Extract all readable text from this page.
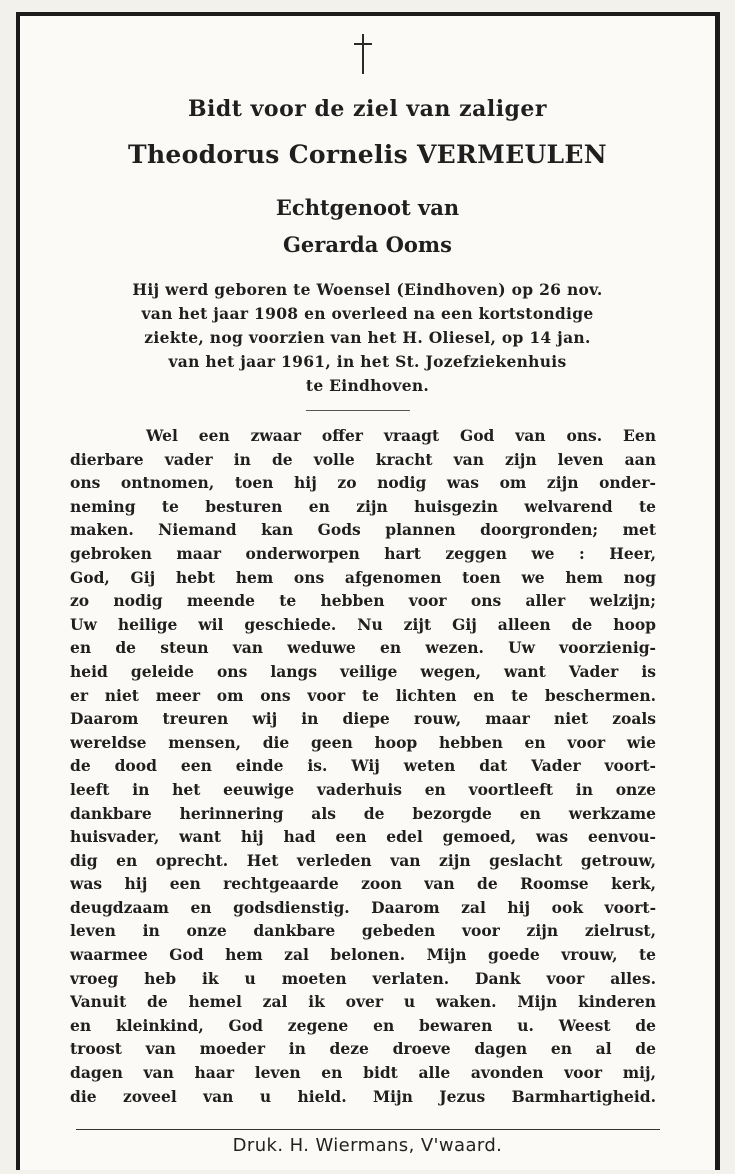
Bidt voor de ziel van zaliger
Theodorus Cornelis VERMEULEN
Echtgenoot van
Gerarda Ooms
Hij werd geboren te Woensel (Eindhoven) op 26 nov.
van het jaar 1908 en overleed na een kortstondige
ziekte, nog voorzien van het H. Oliesel, op 14 jan.
van het jaar 1961, in het St. Jozefziekenhuis
te Eindhoven.
Wel een zwaar offer vraagt God van ons. Een
dierbare vader in de volle kracht van zijn leven aan
ons ontnomen, toen hij zo nodig was om zijn onder-
neming te besturen en zijn huisgezin welvarend te
maken. Niemand kan Gods plannen doorgronden; met
gebroken maar onderworpen hart zeggen we : Heer,
God, Gij hebt hem ons afgenomen toen we hem nog
zo nodig meende te hebben voor ons aller welzijn;
Uw heilige wil geschiede. Nu zijt Gij alleen de hoop
en de steun van weduwe en wezen. Uw voorzienig-
heid geleide ons langs veilige wegen, want Vader is
er niet meer om ons voor te lichten en te beschermen.
Daarom treuren wij in diepe rouw, maar niet zoals
wereldse mensen, die geen hoop hebben en voor wie
de dood een einde is. Wij weten dat Vader voort-
leeft in het eeuwige vaderhuis en voortleeft in onze
dankbare herinnering als de bezorgde en werkzame
huisvader, want hij had een edel gemoed, was eenvou-
dig en oprecht. Het verleden van zijn geslacht getrouw,
was hij een rechtgeaarde zoon van de Roomse kerk,
deugdzaam en godsdienstig. Daarom zal hij ook voort-
leven in onze dankbare gebeden voor zijn zielrust,
waarmee God hem zal belonen. Mijn goede vrouw, te
vroeg heb ik u moeten verlaten. Dank voor alles.
Vanuit de hemel zal ik over u waken. Mijn kinderen
en kleinkind, God zegene en bewaren u. Weest de
troost van moeder in deze droeve dagen en al de
dagen van haar leven en bidt alle avonden voor mij,
die zoveel van u hield. Mijn Jezus Barmhartigheid.
Druk. H. Wiermans, V'waard.
